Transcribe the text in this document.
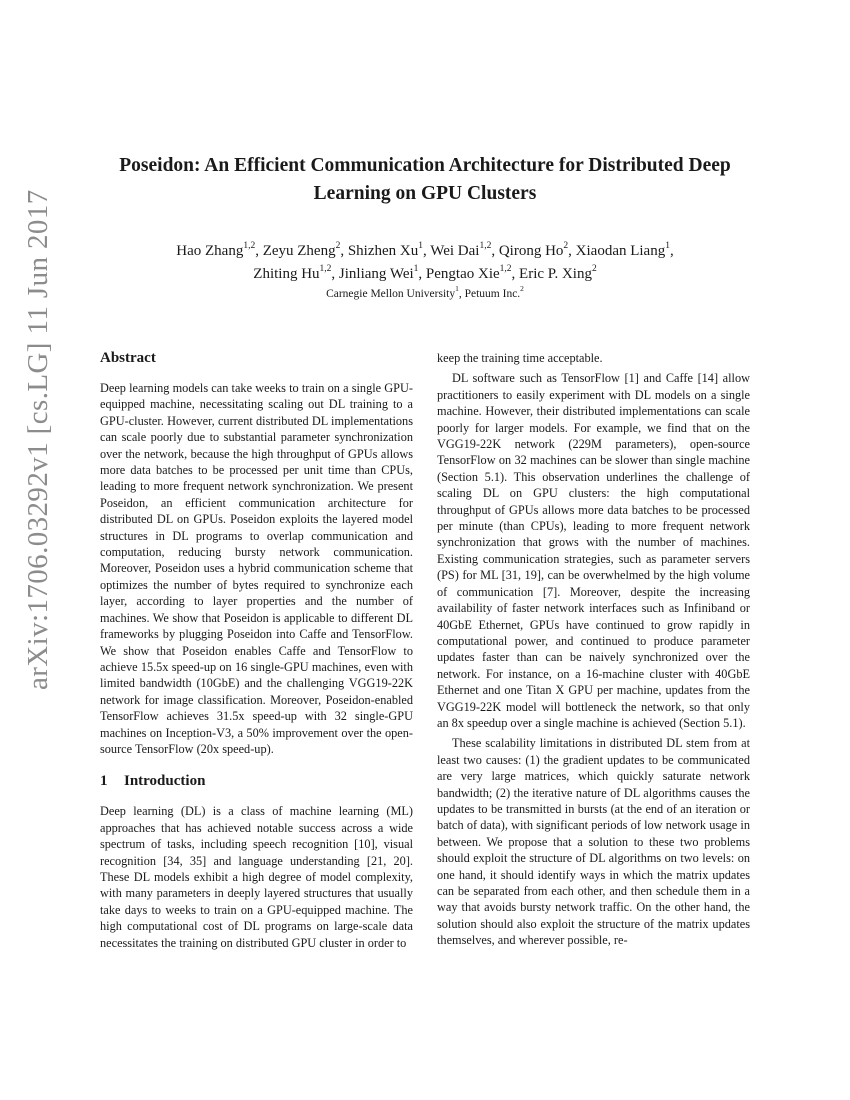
Poseidon: An Efficient Communication Architecture for Distributed Deep
Learning on GPU Clusters
Hao Zhang$^{1,2}$, Zeyu Zheng$^2$, Shizhen Xu$^1$, Wei Dai$^{1,2}$, Qirong Ho$^2$, Xiaodan Liang$^1$,
Zhiting Hu$^{1,2}$, Jinliang Wei$^1$, Pengtao Xie$^{1,2}$, Eric P. Xing$^2$
Carnegie Mellon University$^1$, Petuum Inc.$^2$
arXiv:1706.03292v1 [cs.LG] 11 Jun 2017	Abstract

Deep learning models can take weeks to train on a single GPU-equipped machine, necessitating scaling out DL training to a GPU-cluster. However, current distributed DL implementations can scale poorly due to substantial parameter synchronization over the network, because the high throughput of GPUs allows more data batches to be processed per unit time than CPUs, leading to more frequent network synchronization. We present Poseidon, an efficient communication architecture for distributed DL on GPUs. Poseidon exploits the layered model structures in DL programs to overlap communication and computation, reducing bursty network communication. Moreover, Poseidon uses a hybrid communication scheme that optimizes the number of bytes required to synchronize each layer, according to layer properties and the number of machines. We show that Poseidon is applicable to different DL frameworks by plugging Poseidon into Caffe and TensorFlow. We show that Poseidon enables Caffe and TensorFlow to achieve 15.5x speed-up on 16 single-GPU machines, even with limited bandwidth (10GbE) and the challenging VGG19-22K network for image classification. Moreover, Poseidon-enabled TensorFlow achieves 31.5x speed-up with 32 single-GPU machines on Inception-V3, a 50% improvement over the open-source TensorFlow (20x speed-up).

1 Introduction

Deep learning (DL) is a class of machine learning (ML) approaches that has achieved notable success across a wide spectrum of tasks, including speech recognition [10], visual recognition [34, 35] and language understanding [21, 20]. These DL models exhibit a high degree of model complexity, with many parameters in deeply layered structures that usually take days to weeks to train on a GPU-equipped machine. The high computational cost of DL programs on large-scale data necessitates the training on distributed GPU cluster in order to

keep the training time acceptable.

DL software such as TensorFlow [1] and Caffe [14] allow practitioners to easily experiment with DL models on a single machine. However, their distributed implementations can scale poorly for larger models. For example, we find that on the VGG19-22K network (229M parameters), open-source TensorFlow on 32 machines can be slower than single machine (Section 5.1). This observation underlines the challenge of scaling DL on GPU clusters: the high computational throughput of GPUs allows more data batches to be processed per minute (than CPUs), leading to more frequent network synchronization that grows with the number of machines. Existing communication strategies, such as parameter servers (PS) for ML [31, 19], can be overwhelmed by the high volume of communication [7]. Moreover, despite the increasing availability of faster network interfaces such as Infiniband or 40GbE Ethernet, GPUs have continued to grow rapidly in computational power, and continued to produce parameter updates faster than can be naively synchronized over the network. For instance, on a 16-machine cluster with 40GbE Ethernet and one Titan X GPU per machine, updates from the VGG19-22K model will bottleneck the network, so that only an 8x speedup over a single machine is achieved (Section 5.1).

These scalability limitations in distributed DL stem from at least two causes: (1) the gradient updates to be communicated are very large matrices, which quickly saturate network bandwidth; (2) the iterative nature of DL algorithms causes the updates to be transmitted in bursts (at the end of an iteration or batch of data), with significant periods of low network usage in between. We propose that a solution to these two problems should exploit the structure of DL algorithms on two levels: on one hand, it should identify ways in which the matrix updates can be separated from each other, and then schedule them in a way that avoids bursty network traffic. On the other hand, the solution should also exploit the structure of the matrix updates themselves, and wherever possible, re-
